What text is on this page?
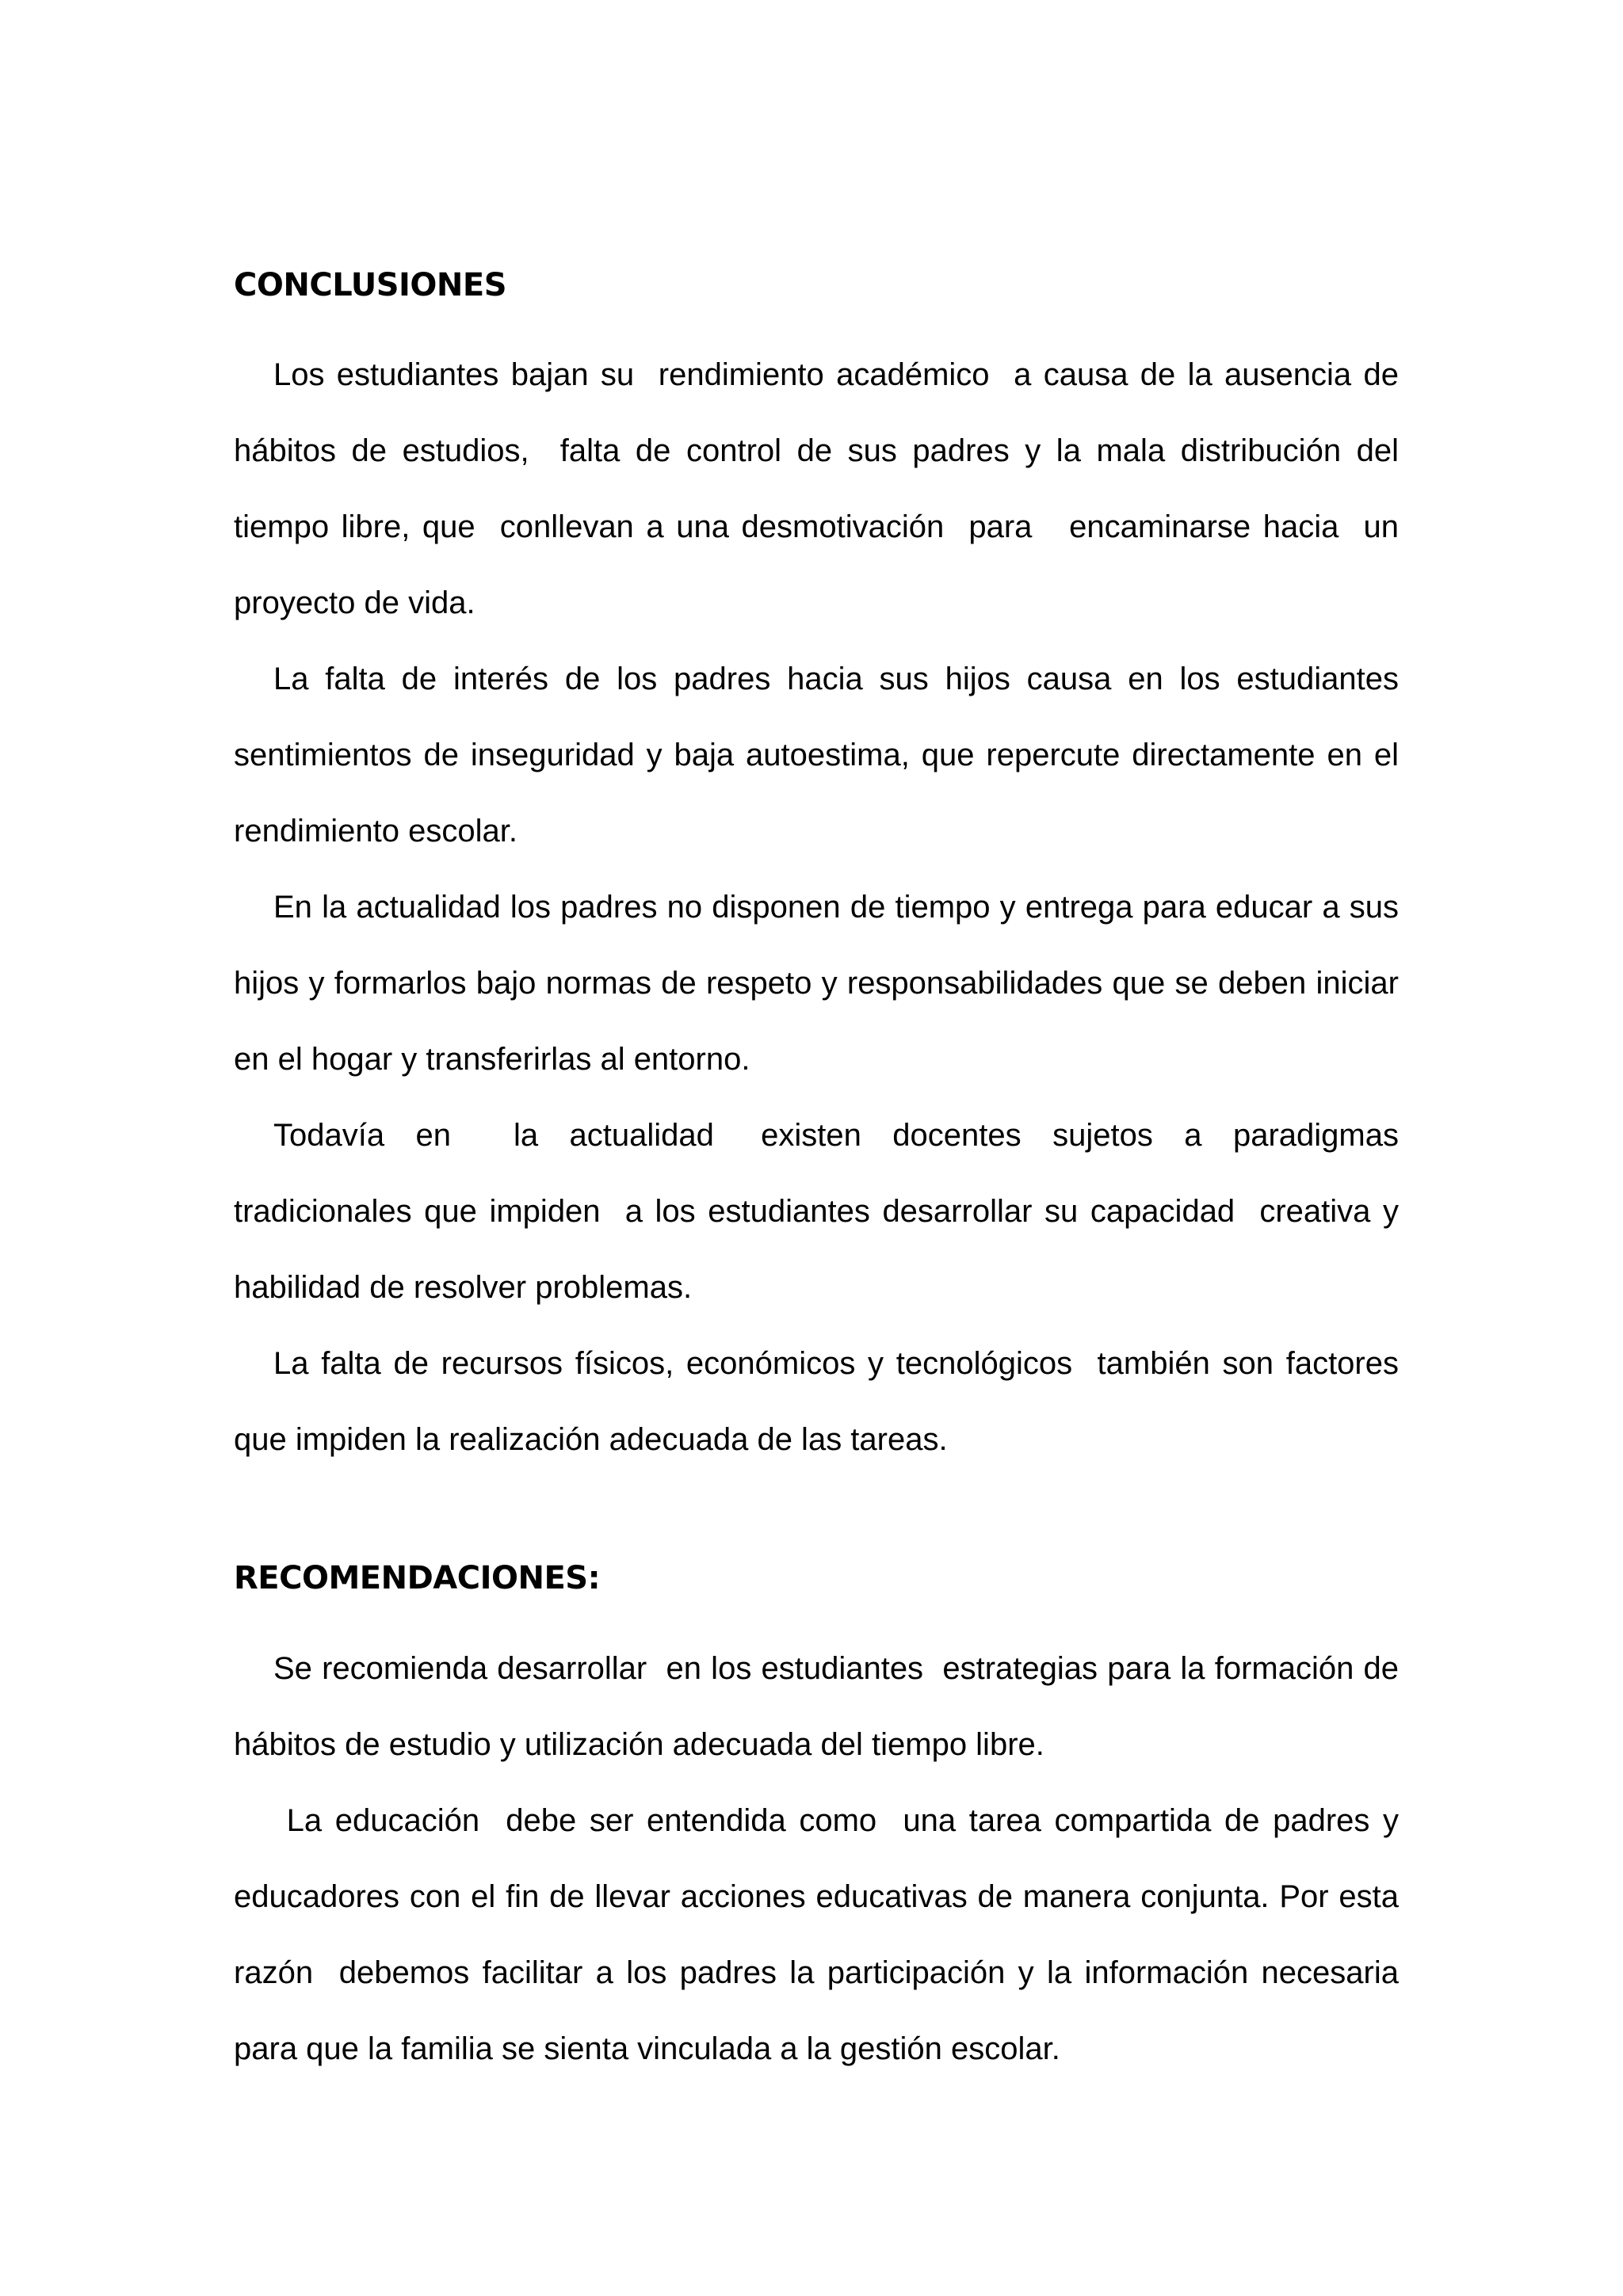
CONCLUSIONES

Los estudiantes bajan su  rendimiento académico  a causa de la ausencia de hábitos de estudios,  falta de control de sus padres y la mala distribución del tiempo libre, que  conllevan a una desmotivación  para   encaminarse hacia  un proyecto de vida.

La falta de interés de los padres hacia sus hijos causa en los estudiantes sentimientos de inseguridad y baja autoestima, que repercute directamente en el rendimiento escolar.

En la actualidad los padres no disponen de tiempo y entrega para educar a sus hijos y formarlos bajo normas de respeto y responsabilidades que se deben iniciar en el hogar y transferirlas al entorno.

Todavía  en    la  actualidad   existen  docentes  sujetos  a  paradigmas tradicionales que impiden  a los estudiantes desarrollar su capacidad  creativa y habilidad de resolver problemas.

La falta de recursos físicos, económicos y tecnológicos  también son factores que impiden la realización adecuada de las tareas.

RECOMENDACIONES:

Se recomienda desarrollar  en los estudiantes  estrategias para la formación de hábitos de estudio y utilización adecuada del tiempo libre.

La educación  debe ser entendida como  una tarea compartida de padres y educadores con el fin de llevar acciones educativas de manera conjunta. Por esta razón  debemos facilitar a los padres la participación y la información necesaria para que la familia se sienta vinculada a la gestión escolar.
